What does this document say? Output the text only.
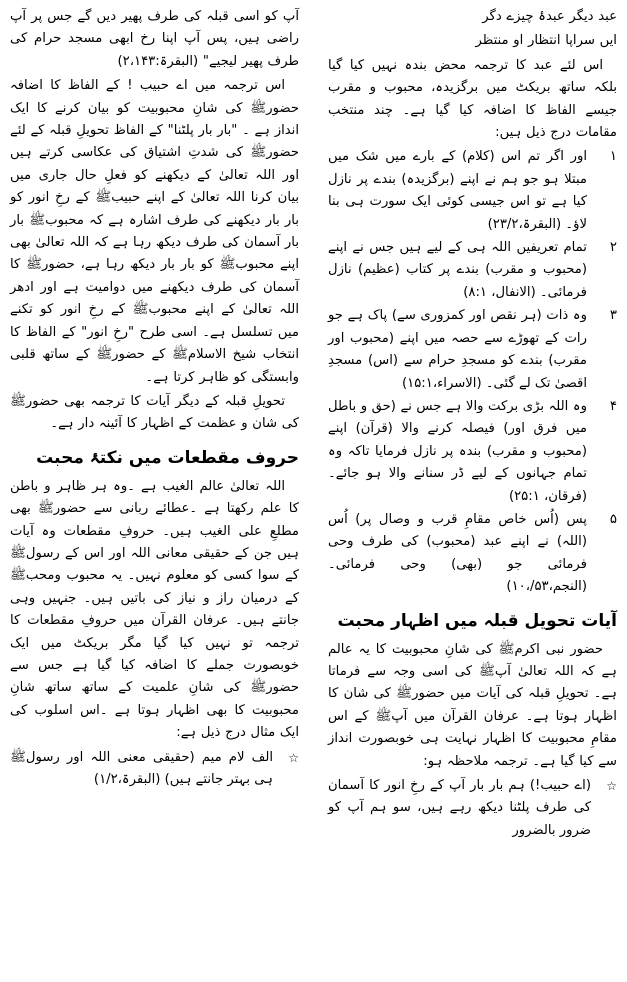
عبد دیگر عبدۂ چیزے دگر

ایں سراپا انتظار او منتظر

اس لئے عبد کا ترجمہ محض بندہ نہیں کیا گیا بلکہ ساتھ بریکٹ میں برگزیدہ، محبوب و مقرب جیسے الفاظ کا اضافہ کیا گیا ہے۔ چند منتخب مقامات درج ذیل ہیں:

۱
اور اگر تم اس (کلام) کے بارے میں شک میں مبتلا ہو جو ہم نے اپنے (برگزیدہ) بندے پر نازل کیا ہے تو اس جیسی کوئی ایک سورت ہی بنا لاؤ۔ (البقرۃ،۲۳/۲)
۲
تمام تعریفیں اللہ ہی کے لیے ہیں جس نے اپنے (محبوب و مقرب) بندے پر کتاب (عظیم) نازل فرمائی۔ (الانفال، ۸:۱)
۳
وہ ذات (ہر نقص اور کمزوری سے) پاک ہے جو رات کے تھوڑے سے حصہ میں اپنے (محبوب اور مقرب) بندے کو مسجدِ حرام سے (اس) مسجدِ اقصیٰ تک لے گئی۔ (الاسراء،۱۵:۱)
۴
وہ اللہ بڑی برکت والا ہے جس نے (حق و باطل میں فرق اور) فیصلہ کرنے والا (قرآن) اپنے (محبوب و مقرب) بندہ پر نازل فرمایا تاکہ وہ تمام جہانوں کے لیے ڈر سنانے والا ہو جائے۔ (فرقان، ۲۵:۱)
۵
پس (اُس خاص مقامِ قرب و وصال پر) اُس (اللہ) نے اپنے عبد (محبوب) کی طرف وحی فرمائی جو (بھی) وحی فرمائی۔ (النجم،۵۳/،۱۰)
آیات تحویل قبلہ میں اظہار محبت

حضور نبی اکرمﷺ کی شانِ محبوبیت کا یہ عالم ہے کہ اللہ تعالیٰ آپﷺ کی اسی وجہ سے فرماتا ہے۔ تحویلِ قبلہ کی آیات میں حضورﷺ کی شان کا اظہار ہوتا ہے۔ عرفان القرآن میں آپﷺ کے اس مقامِ محبوبیت کا اظہار نہایت ہی خوبصورت انداز سے کیا گیا ہے۔ ترجمہ ملاحظہ ہو:

☆
(اے حبیب!) ہم بار بار آپ کے رخِ انور کا آسمان کی طرف پلٹنا دیکھ رہے ہیں، سو ہم آپ کو ضرور بالضرور

آپ کو اسی قبلہ کی طرف پھیر دیں گے جس پر آپ راضی ہیں، پس آپ اپنا رخ ابھی مسجد حرام کی طرف پھیر لیجیے" (البقرۃ:۲،۱۴۳)

اس ترجمہ میں اے حبیب ! کے الفاظ کا اضافہ حضورﷺ کی شانِ محبوبیت کو بیان کرنے کا ایک انداز ہے ۔ "بار بار پلٹنا" کے الفاظ تحویلِ قبلہ کے لئے حضورﷺ کی شدتِ اشتیاق کی عکاسی کرتے ہیں اور اللہ تعالیٰ کے دیکھنے کو فعلِ حال جاری میں بیان کرنا اللہ تعالیٰ کے اپنے حبیبﷺ کے رخِ انور کو بار بار دیکھنے کی طرف اشارہ ہے کہ محبوبﷺ بار بار آسمان کی طرف دیکھ رہا ہے کہ اللہ تعالیٰ بھی اپنے محبوبﷺ کو بار بار دیکھ رہا ہے، حضورﷺ کا آسمان کی طرف دیکھنے میں دوامیت ہے اور ادھر اللہ تعالیٰ کے اپنے محبوبﷺ کے رخِ انور کو تکنے میں تسلسل ہے۔ اسی طرح "رخِ انور" کے الفاظ کا انتخاب شیخ الاسلامﷺ کے حضورﷺ کے ساتھ قلبی وابستگی کو ظاہر کرتا ہے۔

تحویلِ قبلہ کے دیگر آیات کا ترجمہ بھی حضورﷺ کی شان و عظمت کے اظہار کا آئینہ دار ہے۔

حروف مقطعات میں نکتۂ محبت

اللہ تعالیٰ عالم الغیب ہے ۔وہ ہر ظاہر و باطن کا علم رکھتا ہے ۔عطائے ربانی سے حضورﷺ بھی مطلعِ علی الغیب ہیں۔ حروفِ مقطعات وہ آیات ہیں جن کے حقیقی معانی اللہ اور اس کے رسولﷺ کے سوا کسی کو معلوم نہیں۔ یہ محبوب ومحبﷺ کے درمیان راز و نیاز کی باتیں ہیں۔ جنہیں وہی جانتے ہیں۔ عرفان القرآن میں حروفِ مقطعات کا ترجمہ تو نہیں کیا گیا مگر بریکٹ میں ایک خوبصورت جملے کا اضافہ کیا گیا ہے جس سے حضورﷺ کی شانِ علمیت کے ساتھ ساتھ شانِ محبوبیت کا بھی اظہار ہوتا ہے ۔اس اسلوب کی ایک مثال درج ذیل ہے:

☆
الف لام میم (حقیقی معنی اللہ اور رسولﷺ ہی بہتر جانتے ہیں) (البقرۃ،۱/۲)
